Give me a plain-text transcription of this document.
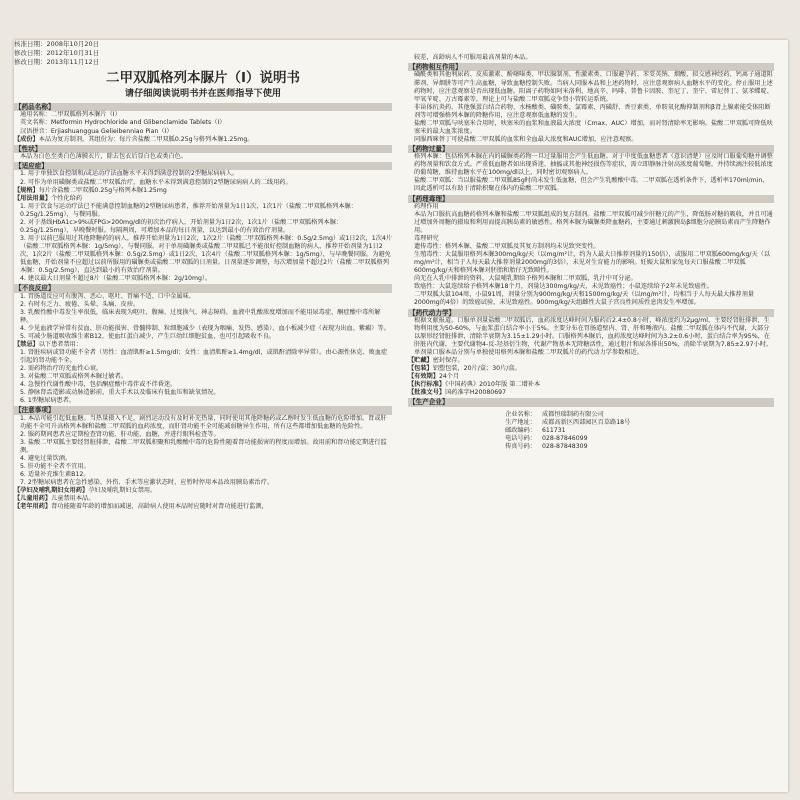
核准日期：2008年10月20日
修改日期：2012年10月31日
修改日期：2013年11月12日
二甲双胍格列本脲片（I）说明书
请仔细阅读说明书并在医师指导下使用
【药品名称】
通用名称：二甲双胍格列本脲片（I）
英文名称：Metformin Hydrochloride and Glibenclamide Tablets（I）
汉语拼音：Erjiashuangguа Gelieibenniao Pian（I）
【成份】本品为复方制剂，其组份为：每片含盐酸二甲双胍0.25g与格列本脲1.25mg。
【性状】
本品为白色至类白色薄膜衣片，除去包衣后显白色或类白色。
【适应症】
1. 用于单独饮食控制和/或运动疗法血糖水平未得到满意控制的2型糖尿病病人。
2. 可作为单用磺脲类或盐酸二甲双胍治疗，血糖水平未得到满意控制的2型糖尿病病人的二线用药。
【规格】每片含盐酸二甲双胍0.25g与格列本脲1.25mg
【用法用量】个性化给药
1. 用于饮食与运动疗法已不能满意控制血糖的2型糖尿病患者，推荐开始剂量为1日1次，1次1片（盐酸二甲双胍格列本脲：0.25g/1.25mg），与餐同服。
2. 对于基线HbA1c>9%或FPG>200mg/dl的初次治疗病人，开始剂量为1日2次，1次1片（盐酸二甲双胍格列本脲：0.25g/1.25mg），早晚餐时服。每隔两周，可增加本品的每日剂量，以达到最小的有效治疗剂量。
3. 用于以前已服用过其他降糖药的病人，推荐开始剂量为1日2次，1次2片（盐酸二甲双胍格列本脲：0.5g/2.5mg）或1日2次，1次4片（盐酸二甲双胍格列本脲：1g/5mg），与餐同服。对于单用磺脲类或盐酸二甲双胍已不能很好控制血糖的病人，推荐开始剂量为1日2次，1次2片（盐酸二甲双胍格列本脲：0.5g/2.5mg）或1日2次，1次4片（盐酸二甲双胍格列本脲：1g/5mg），与早晚餐同服。为避免低血糖，开始剂量不应超过以前所服用的磺脲类或盐酸二甲双胍的日剂量。日剂量逐步调整，每次增加量不超过2片（盐酸二甲双胍格列本脲：0.5g/2.5mg），直达到最小的有效治疗剂量。
4. 建议最大日剂量不超过8片（盐酸二甲双胍格列本脲：2g/10mg）。
【不良反应】
1. 胃肠道反应可有腹泻、恶心、呕吐、胃痛不适、口中金属味。
2. 有时有乏力、疲倦、头晕、头痛、皮疹。
3. 乳酸性酸中毒发生率很低，临床表现为呕吐、腹痛、过度换气、神志障碍，血液中乳酸浓度增加而不能用尿毒症、酮症酸中毒所解释。
4. 少见血液学异常有贫血、肝功能损害、骨髓抑制、粒细胞减少（表现为咽痛、发热、感染）、血小板减少症（表现为出血、紫癜）等。
5. 可减少肠道吸收维生素B12，使血红蛋白减少，产生巨幼红细胞贫血，也可引起吸收不良。
【禁忌】以下患者禁用：
1. 肾脏疾病或肾功能不全者（男性：血清肌酐≥1.5mg/dl；女性：血清肌酐≥1.4mg/dl，或肌酐清除率异常）。由心源性休克、败血症引起的肾功能不全。
2. 需药物治疗的充血性心衰。
3. 对盐酸二甲双胍或格列本脲过敏者。
4. 急慢性代谢性酸中毒，包括酮症酸中毒伴或不伴昏迷。
5. 静脉肾盂造影或动脉造影前，重大手术以及临床有低血压和缺氧情况。
6. 1型糖尿病患者。
【注意事项】
1. 本品可能引起低血糖。当热量摄入不足，剧烈运动没有及时补充热量，同时使用其他降糖药或乙醇时发生低血糖的危险增加。肾或肝功能不全可升高格列本脲和盐酸二甲双胍的血药浓度，而肝肾功能不全可能减弱糖异生作用，所有这些都增加低血糖的危险性。
2. 服药期间患者应定期检查肾功能、肝功能、血糖，并进行眼科检查等。
3. 盐酸二甲双胍主要经肾脏排泄，盐酸二甲双胍积聚和乳酸酸中毒的危险性随着肾功能损害的程度而增加。故用前和肾功能定期进行监测。
4. 避免过量饮酒。
5. 肝功能不全者不宜用。
6. 适量补充维生素B12。
7. 2型糖尿病患者在急性感染、外伤、手术等应激状态时，应暂时停用本品改用胰岛素治疗。
【孕妇及哺乳期妇女用药】孕妇及哺乳期妇女禁用。
【儿童用药】儿童禁用本品。
【老年用药】肾功能随着年龄的增加而减退，高龄病人使用本品时应随时对肾功能进行监测，
较差，高龄病人不可服用最高剂量的本品。
【药物相互作用】
磺酰类和其他利尿药、皮质激素、酚噻嗪类、甲状腺制剂、性激素类、口服避孕药、苯妥英钠、烟酸、拟交感神经药、钙离子通道阻滞剂、异烟肼等可产生高血糖，导致血糖控制失败。当病人同服本品和上述药物时，应注意观察病人血糖水平的变化。停止服用上述药物时，应注意观察是否出现低血糖。阳离子药物如阿米洛利、地高辛、吗啡、普鲁卡因胺、奎尼丁、奎宁、雷尼替丁、氨苯蝶啶、甲氧苄啶、万古霉素等，理论上可与盐酸二甲双胍竞争肾小管转运系统。
非甾体抗炎药、其他强蛋白结合药物、水杨酸类、磺胺类、氯霉素、丙磺舒、香豆素类、单胺氧化酶抑制剂和β肾上腺素能受体阻断剂等可增强格列本脲的降糖作用，应注意观察低血糖的发生。
盐酸二甲双胍与呋塞米合用时，呋塞米的血浆和血液最大浓度（Cmax、AUC）增加，而对肾清除率无影响。盐酸二甲双胍可降低呋塞米的最大血浆浓度。
同服西咪替丁可使盐酸二甲双胍的血浆和全血最大浓度和AUC增加，应注意观察。
【药物过量】
格列本脲：包括格列本脲在内的磺脲类药物一旦过量服用会产生低血糖。对于中度低血糖患者（意识清楚）应及时口服葡萄糖并调整药物剂量和饮食方式。严重低血糖者如出现昏迷、抽搐或其他神经损伤等症状，需立即静脉注射高浓度葡萄糖，并持续滴注较低浓度的葡萄糖，维持血糖水平在100mg/dl以上，同时密切观察病人。
盐酸二甲双胍：当以服盐酸二甲双胍85g时尚未发生低血糖，但会产生乳酸酸中毒。二甲双胍在透析条件下，透析率170ml/min，因此透析可以有助于清除积聚在体内的盐酸二甲双胍。
【药理毒理】
药理作用
本品为口服抗高血糖药格列本脲和盐酸二甲双胍组成的复方制剂。盐酸二甲双胍可减少肝糖元的产生，降低肠对糖的吸收，并且可通过增加外周糖的摄取和利用而提高胰岛素的敏感性。格列本脲为磺脲类降血糖药，主要通过刺激胰岛β细胞分泌胰岛素而产生降糖作用。
毒理研究
遗传毒性：格列本脲、盐酸二甲双胍及其复方制剂均未见致突变性。
生殖毒性：大鼠服用格列本脲300mg/kg/天（以mg/m²计，约为人最大日推荐剂量的150倍），或服用二甲双胍600mg/kg/天（以mg/m²计，相当于人每天最大推荐剂量2000mg的3倍），未见对生育能力的影响。妊娠大鼠和家兔每天口服盐酸二甲双胍600mg/kg/天和格列本脲对胚胎和胎仔无致畸性。
尚无在人乳中排泄的资料，大鼠哺乳期给予格列本脲和二甲双胍，乳汁中可分泌。
致癌性：大鼠连续给予格列本脲18个月，剂量达300mg/kg/天，未见致癌性；小鼠连续给予2年未见致癌性。
二甲双胍大鼠104周，小鼠91周，剂量分别为900mg/kg/天和1500mg/kg/天（以mg/m²计，均相当于人每天最大推荐剂量2000mg的4倍）的致癌试验，未见致癌性。900mg/kg/天组雌性大鼠子宫良性间质性息肉发生率增加。
【药代动力学】
根据文献报道，口服单剂量盐酸二甲双胍后，血药浓度达峰时间为服药后2.4±0.8小时，峰浓度约为2μg/ml，主要经肾脏排泄，生物利用度为50-60%，与血浆蛋白结合率小于5%。主要分布在胃肠道壁内、肾、肝和唾液内。盐酸二甲双胍在体内不代谢，大部分以原形经肾脏排泄，清除半衰期为3.15±1.29小时。口服格列本脲后，血药浓度达峰时间为3.2±0.6小时，蛋白结合率为95%，在肝脏内代谢，主要代谢物4-反-羟基衍生物，代谢产物基本无降糖活性，通过胆汁和尿各排出50%，消除半衰期为7.85±2.97小时。
单剂量口服本品分别与单独使用格列本脲和盐酸二甲双胍片的药代动力学参数相近。
【贮藏】密封保存。
【包装】铝塑包装，20片/盒；30片/盒。
【有效期】24个月
【执行标准】《中国药典》2010年版 第二增补本
【批准文号】国药准字H20080697
【生产企业】
企业名称： 成都恒瑞制药有限公司
生产地址： 成都高新区西部园区百草路18号
邮政编码： 611731
电话号码： 028-87846099
传真号码： 028-87848309
